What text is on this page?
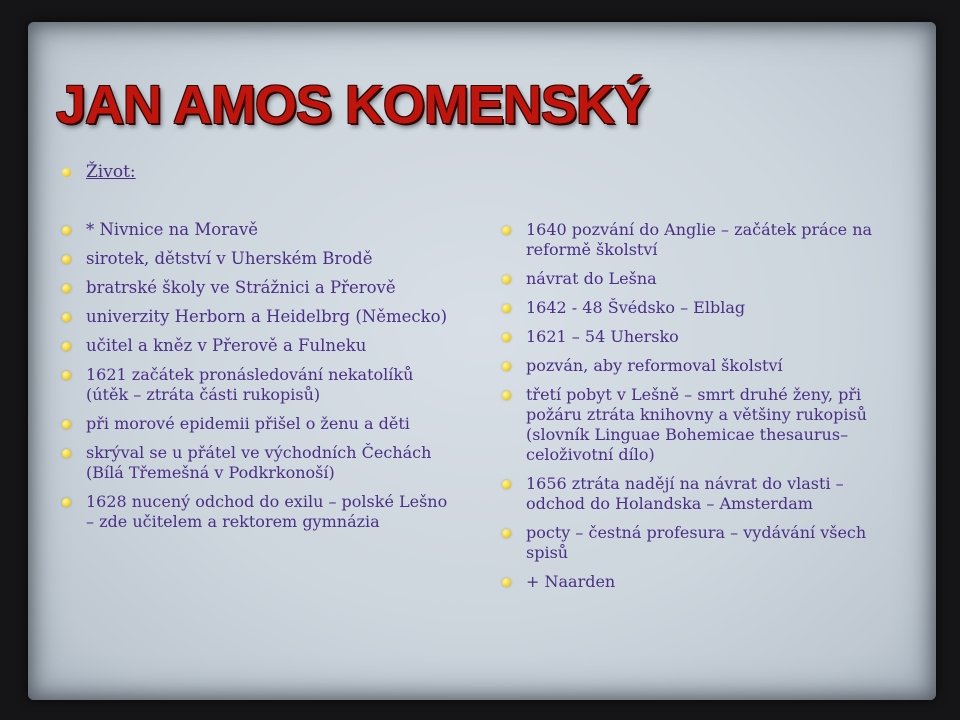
JAN AMOS KOMENSKÝ
Život:
* Nivnice na Moravě
sirotek, dětství v Uherském Brodě
bratrské školy ve Strážnici a Přerově
univerzity Herborn a Heidelbrg (Německo)
učitel a kněz v Přerově a Fulneku
1621 začátek pronásledování nekatolíků (útěk – ztráta části rukopisů)
při morové epidemii přišel o ženu a děti
skrýval se u přátel ve východních Čechách (Bílá Třemešná v Podkrkonoší)
1628 nucený odchod do exilu – polské Lešno – zde učitelem a rektorem gymnázia
1640 pozvání do Anglie – začátek práce na reformě školství
návrat do Lešna
1642 - 48 Švédsko – Elblag
1621 – 54 Uhersko
pozván, aby reformoval školství
třetí pobyt v Lešně – smrt druhé ženy, při požáru ztráta knihovny a většiny rukopisů (slovník Linguae Bohemicae thesaurus– celoživotní dílo)
1656 ztráta nadějí na návrat do vlasti – odchod do Holandska – Amsterdam
pocty – čestná profesura – vydávání všech spisů
+ Naarden
